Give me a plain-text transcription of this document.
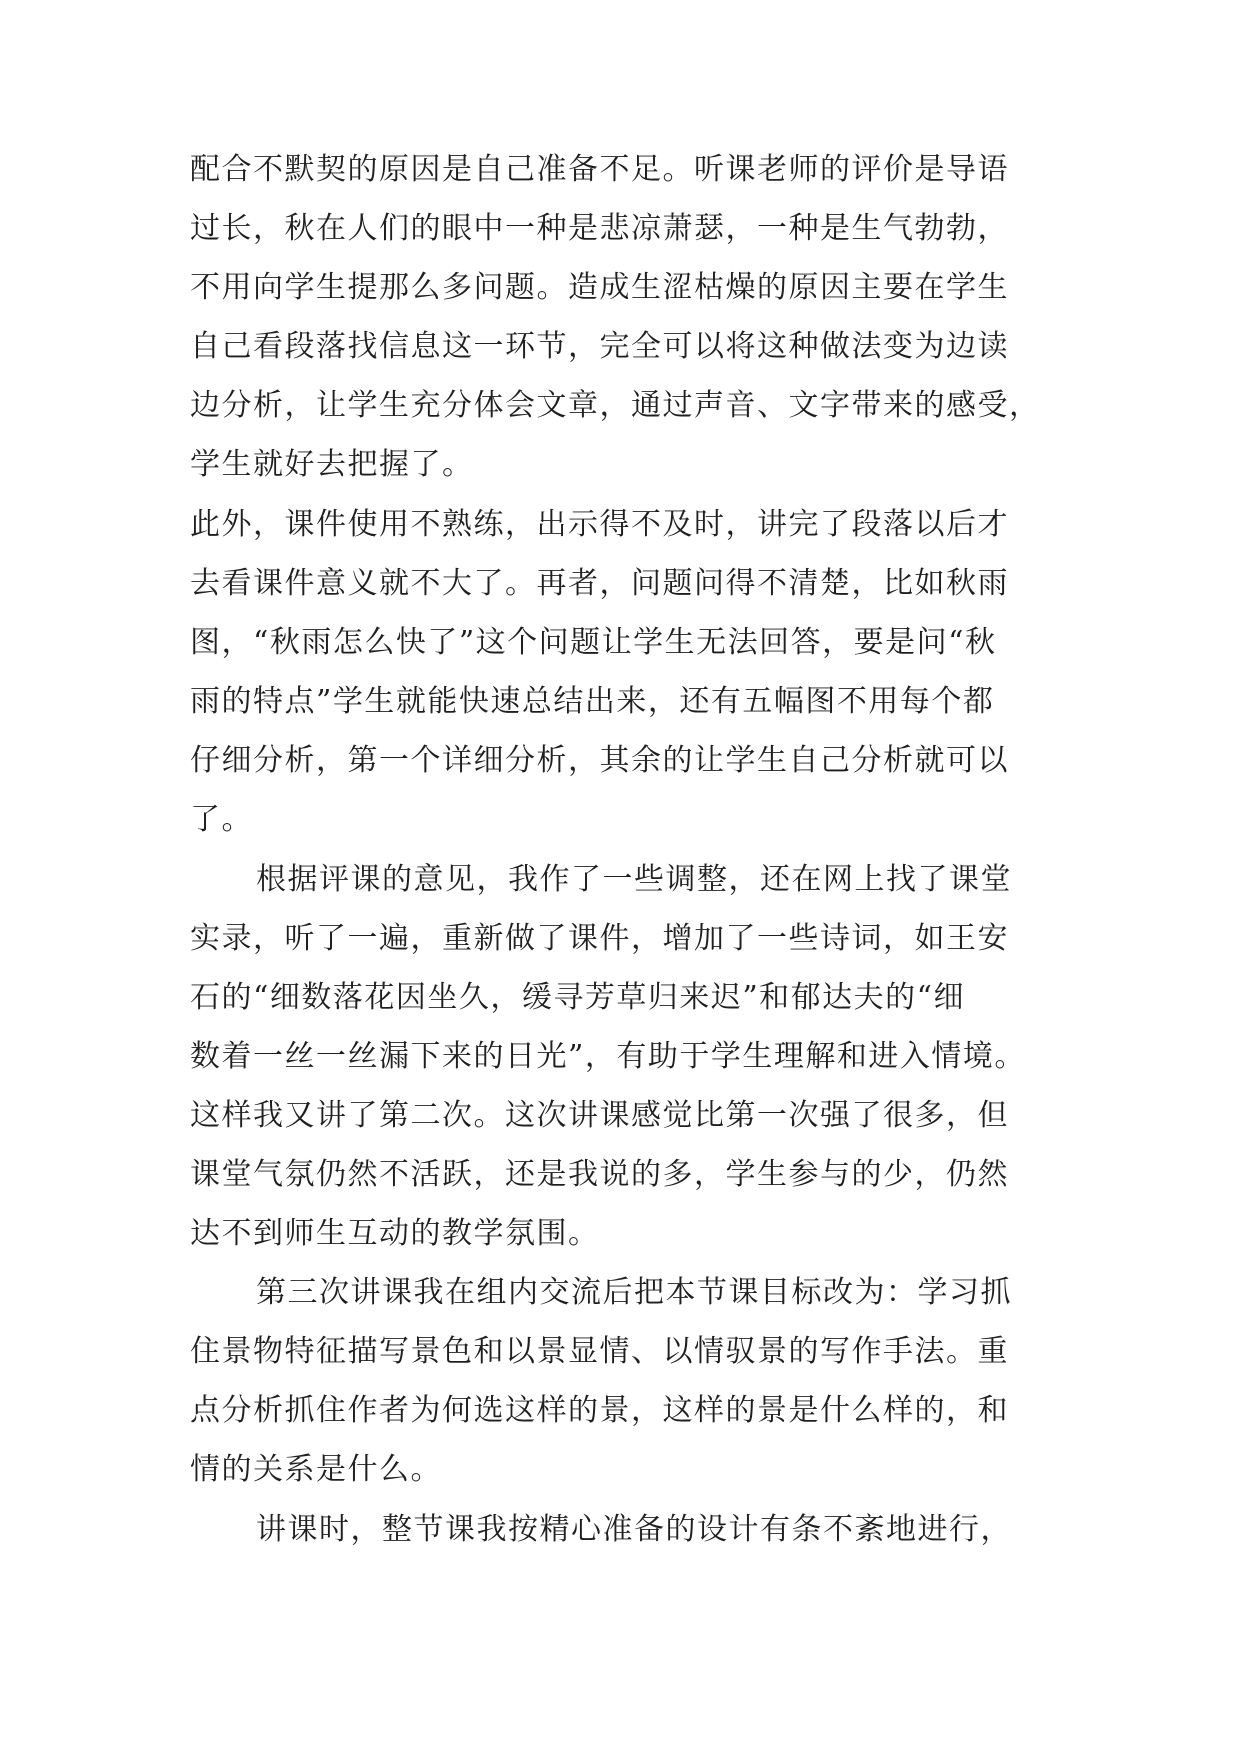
配合不默契的原因是自己准备不足。听课老师的评价是导语

过长，秋在人们的眼中一种是悲凉萧瑟，一种是生气勃勃，

不用向学生提那么多问题。造成生涩枯燥的原因主要在学生

自己看段落找信息这一环节，完全可以将这种做法变为边读

边分析，让学生充分体会文章，通过声音、文字带来的感受，

学生就好去把握了。

此外，课件使用不熟练，出示得不及时，讲完了段落以后才

去看课件意义就不大了。再者，问题问得不清楚，比如秋雨

图，“秋雨怎么快了”这个问题让学生无法回答，要是问“秋

雨的特点”学生就能快速总结出来，还有五幅图不用每个都

仔细分析，第一个详细分析，其余的让学生自己分析就可以

了。

根据评课的意见，我作了一些调整，还在网上找了课堂

实录，听了一遍，重新做了课件，增加了一些诗词，如王安

石的“细数落花因坐久，缓寻芳草归来迟”和郁达夫的“细

数着一丝一丝漏下来的日光”，有助于学生理解和进入情境。

这样我又讲了第二次。这次讲课感觉比第一次强了很多，但

课堂气氛仍然不活跃，还是我说的多，学生参与的少，仍然

达不到师生互动的教学氛围。

第三次讲课我在组内交流后把本节课目标改为：学习抓

住景物特征描写景色和以景显情、以情驭景的写作手法。重

点分析抓住作者为何选这样的景，这样的景是什么样的，和

情的关系是什么。

讲课时，整节课我按精心准备的设计有条不紊地进行，
